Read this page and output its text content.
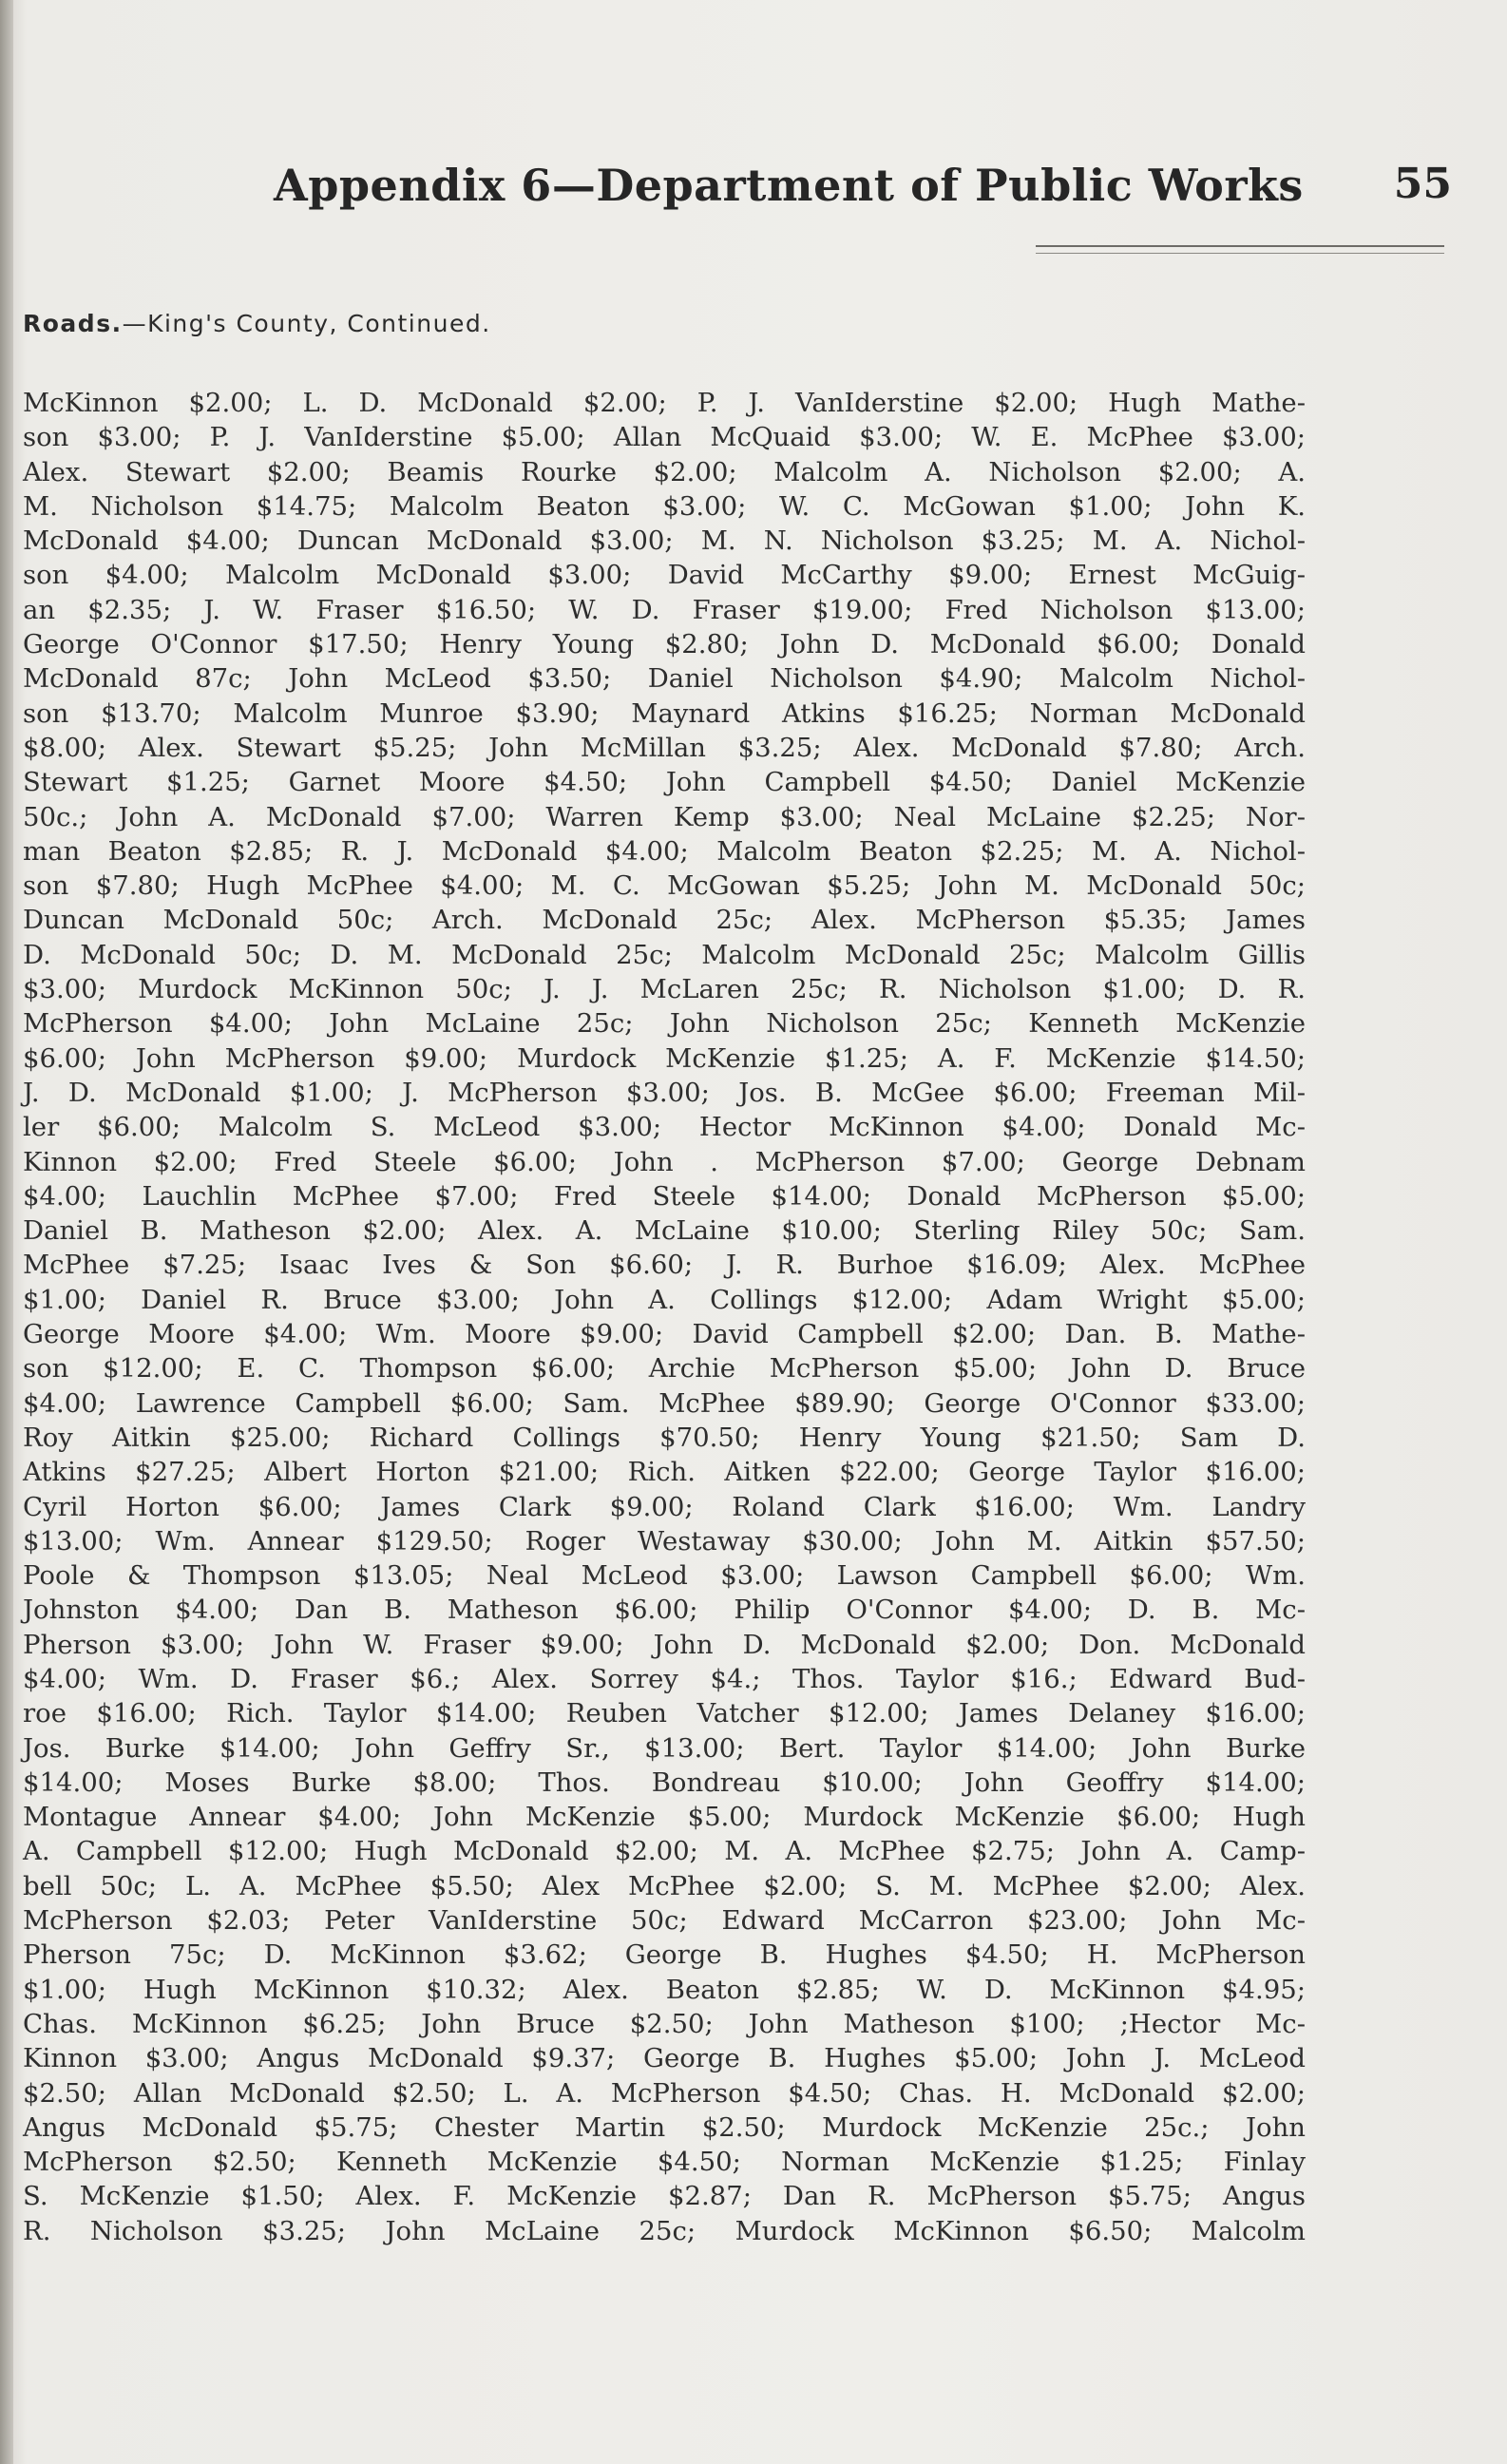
Appendix 6—Department of Public Works 55
Roads.—King's County, Continued.
McKinnon $2.00; L. D. McDonald $2.00; P. J. VanIderstine $2.00; Hugh Mathe-
son $3.00; P. J. VanIderstine $5.00; Allan McQuaid $3.00; W. E. McPhee $3.00;
Alex. Stewart $2.00; Beamis Rourke $2.00; Malcolm A. Nicholson $2.00; A.
M. Nicholson $14.75; Malcolm Beaton $3.00; W. C. McGowan $1.00; John K.
McDonald $4.00; Duncan McDonald $3.00; M. N. Nicholson $3.25; M. A. Nichol-
son $4.00; Malcolm McDonald $3.00; David McCarthy $9.00; Ernest McGuig-
an $2.35; J. W. Fraser $16.50; W. D. Fraser $19.00; Fred Nicholson $13.00;
George O'Connor $17.50; Henry Young $2.80; John D. McDonald $6.00; Donald
McDonald 87c; John McLeod $3.50; Daniel Nicholson $4.90; Malcolm Nichol-
son $13.70; Malcolm Munroe $3.90; Maynard Atkins $16.25; Norman McDonald
$8.00; Alex. Stewart $5.25; John McMillan $3.25; Alex. McDonald $7.80; Arch.
Stewart $1.25; Garnet Moore $4.50; John Campbell $4.50; Daniel McKenzie
50c.; John A. McDonald $7.00; Warren Kemp $3.00; Neal McLaine $2.25; Nor-
man Beaton $2.85; R. J. McDonald $4.00; Malcolm Beaton $2.25; M. A. Nichol-
son $7.80; Hugh McPhee $4.00; M. C. McGowan $5.25; John M. McDonald 50c;
Duncan McDonald 50c; Arch. McDonald 25c; Alex. McPherson $5.35; James
D. McDonald 50c; D. M. McDonald 25c; Malcolm McDonald 25c; Malcolm Gillis
$3.00; Murdock McKinnon 50c; J. J. McLaren 25c; R. Nicholson $1.00; D. R.
McPherson $4.00; John McLaine 25c; John Nicholson 25c; Kenneth McKenzie
$6.00; John McPherson $9.00; Murdock McKenzie $1.25; A. F. McKenzie $14.50;
J. D. McDonald $1.00; J. McPherson $3.00; Jos. B. McGee $6.00; Freeman Mil-
ler $6.00; Malcolm S. McLeod $3.00; Hector McKinnon $4.00; Donald Mc-
Kinnon $2.00; Fred Steele $6.00; John . McPherson $7.00; George Debnam
$4.00; Lauchlin McPhee $7.00; Fred Steele $14.00; Donald McPherson $5.00;
Daniel B. Matheson $2.00; Alex. A. McLaine $10.00; Sterling Riley 50c; Sam.
McPhee $7.25; Isaac Ives & Son $6.60; J. R. Burhoe $16.09; Alex. McPhee
$1.00; Daniel R. Bruce $3.00; John A. Collings $12.00; Adam Wright $5.00;
George Moore $4.00; Wm. Moore $9.00; David Campbell $2.00; Dan. B. Mathe-
son $12.00; E. C. Thompson $6.00; Archie McPherson $5.00; John D. Bruce
$4.00; Lawrence Campbell $6.00; Sam. McPhee $89.90; George O'Connor $33.00;
Roy Aitkin $25.00; Richard Collings $70.50; Henry Young $21.50; Sam D.
Atkins $27.25; Albert Horton $21.00; Rich. Aitken $22.00; George Taylor $16.00;
Cyril Horton $6.00; James Clark $9.00; Roland Clark $16.00; Wm. Landry
$13.00; Wm. Annear $129.50; Roger Westaway $30.00; John M. Aitkin $57.50;
Poole & Thompson $13.05; Neal McLeod $3.00; Lawson Campbell $6.00; Wm.
Johnston $4.00; Dan B. Matheson $6.00; Philip O'Connor $4.00; D. B. Mc-
Pherson $3.00; John W. Fraser $9.00; John D. McDonald $2.00; Don. McDonald
$4.00; Wm. D. Fraser $6.; Alex. Sorrey $4.; Thos. Taylor $16.; Edward Bud-
roe $16.00; Rich. Taylor $14.00; Reuben Vatcher $12.00; James Delaney $16.00;
Jos. Burke $14.00; John Geffry Sr., $13.00; Bert. Taylor $14.00; John Burke
$14.00; Moses Burke $8.00; Thos. Bondreau $10.00; John Geoffry $14.00;
Montague Annear $4.00; John McKenzie $5.00; Murdock McKenzie $6.00; Hugh
A. Campbell $12.00; Hugh McDonald $2.00; M. A. McPhee $2.75; John A. Camp-
bell 50c; L. A. McPhee $5.50; Alex McPhee $2.00; S. M. McPhee $2.00; Alex.
McPherson $2.03; Peter VanIderstine 50c; Edward McCarron $23.00; John Mc-
Pherson 75c; D. McKinnon $3.62; George B. Hughes $4.50; H. McPherson
$1.00; Hugh McKinnon $10.32; Alex. Beaton $2.85; W. D. McKinnon $4.95;
Chas. McKinnon $6.25; John Bruce $2.50; John Matheson $100; ;Hector Mc-
Kinnon $3.00; Angus McDonald $9.37; George B. Hughes $5.00; John J. McLeod
$2.50; Allan McDonald $2.50; L. A. McPherson $4.50; Chas. H. McDonald $2.00;
Angus McDonald $5.75; Chester Martin $2.50; Murdock McKenzie 25c.; John
McPherson $2.50; Kenneth McKenzie $4.50; Norman McKenzie $1.25; Finlay
S. McKenzie $1.50; Alex. F. McKenzie $2.87; Dan R. McPherson $5.75; Angus
R. Nicholson $3.25; John McLaine 25c; Murdock McKinnon $6.50; Malcolm
